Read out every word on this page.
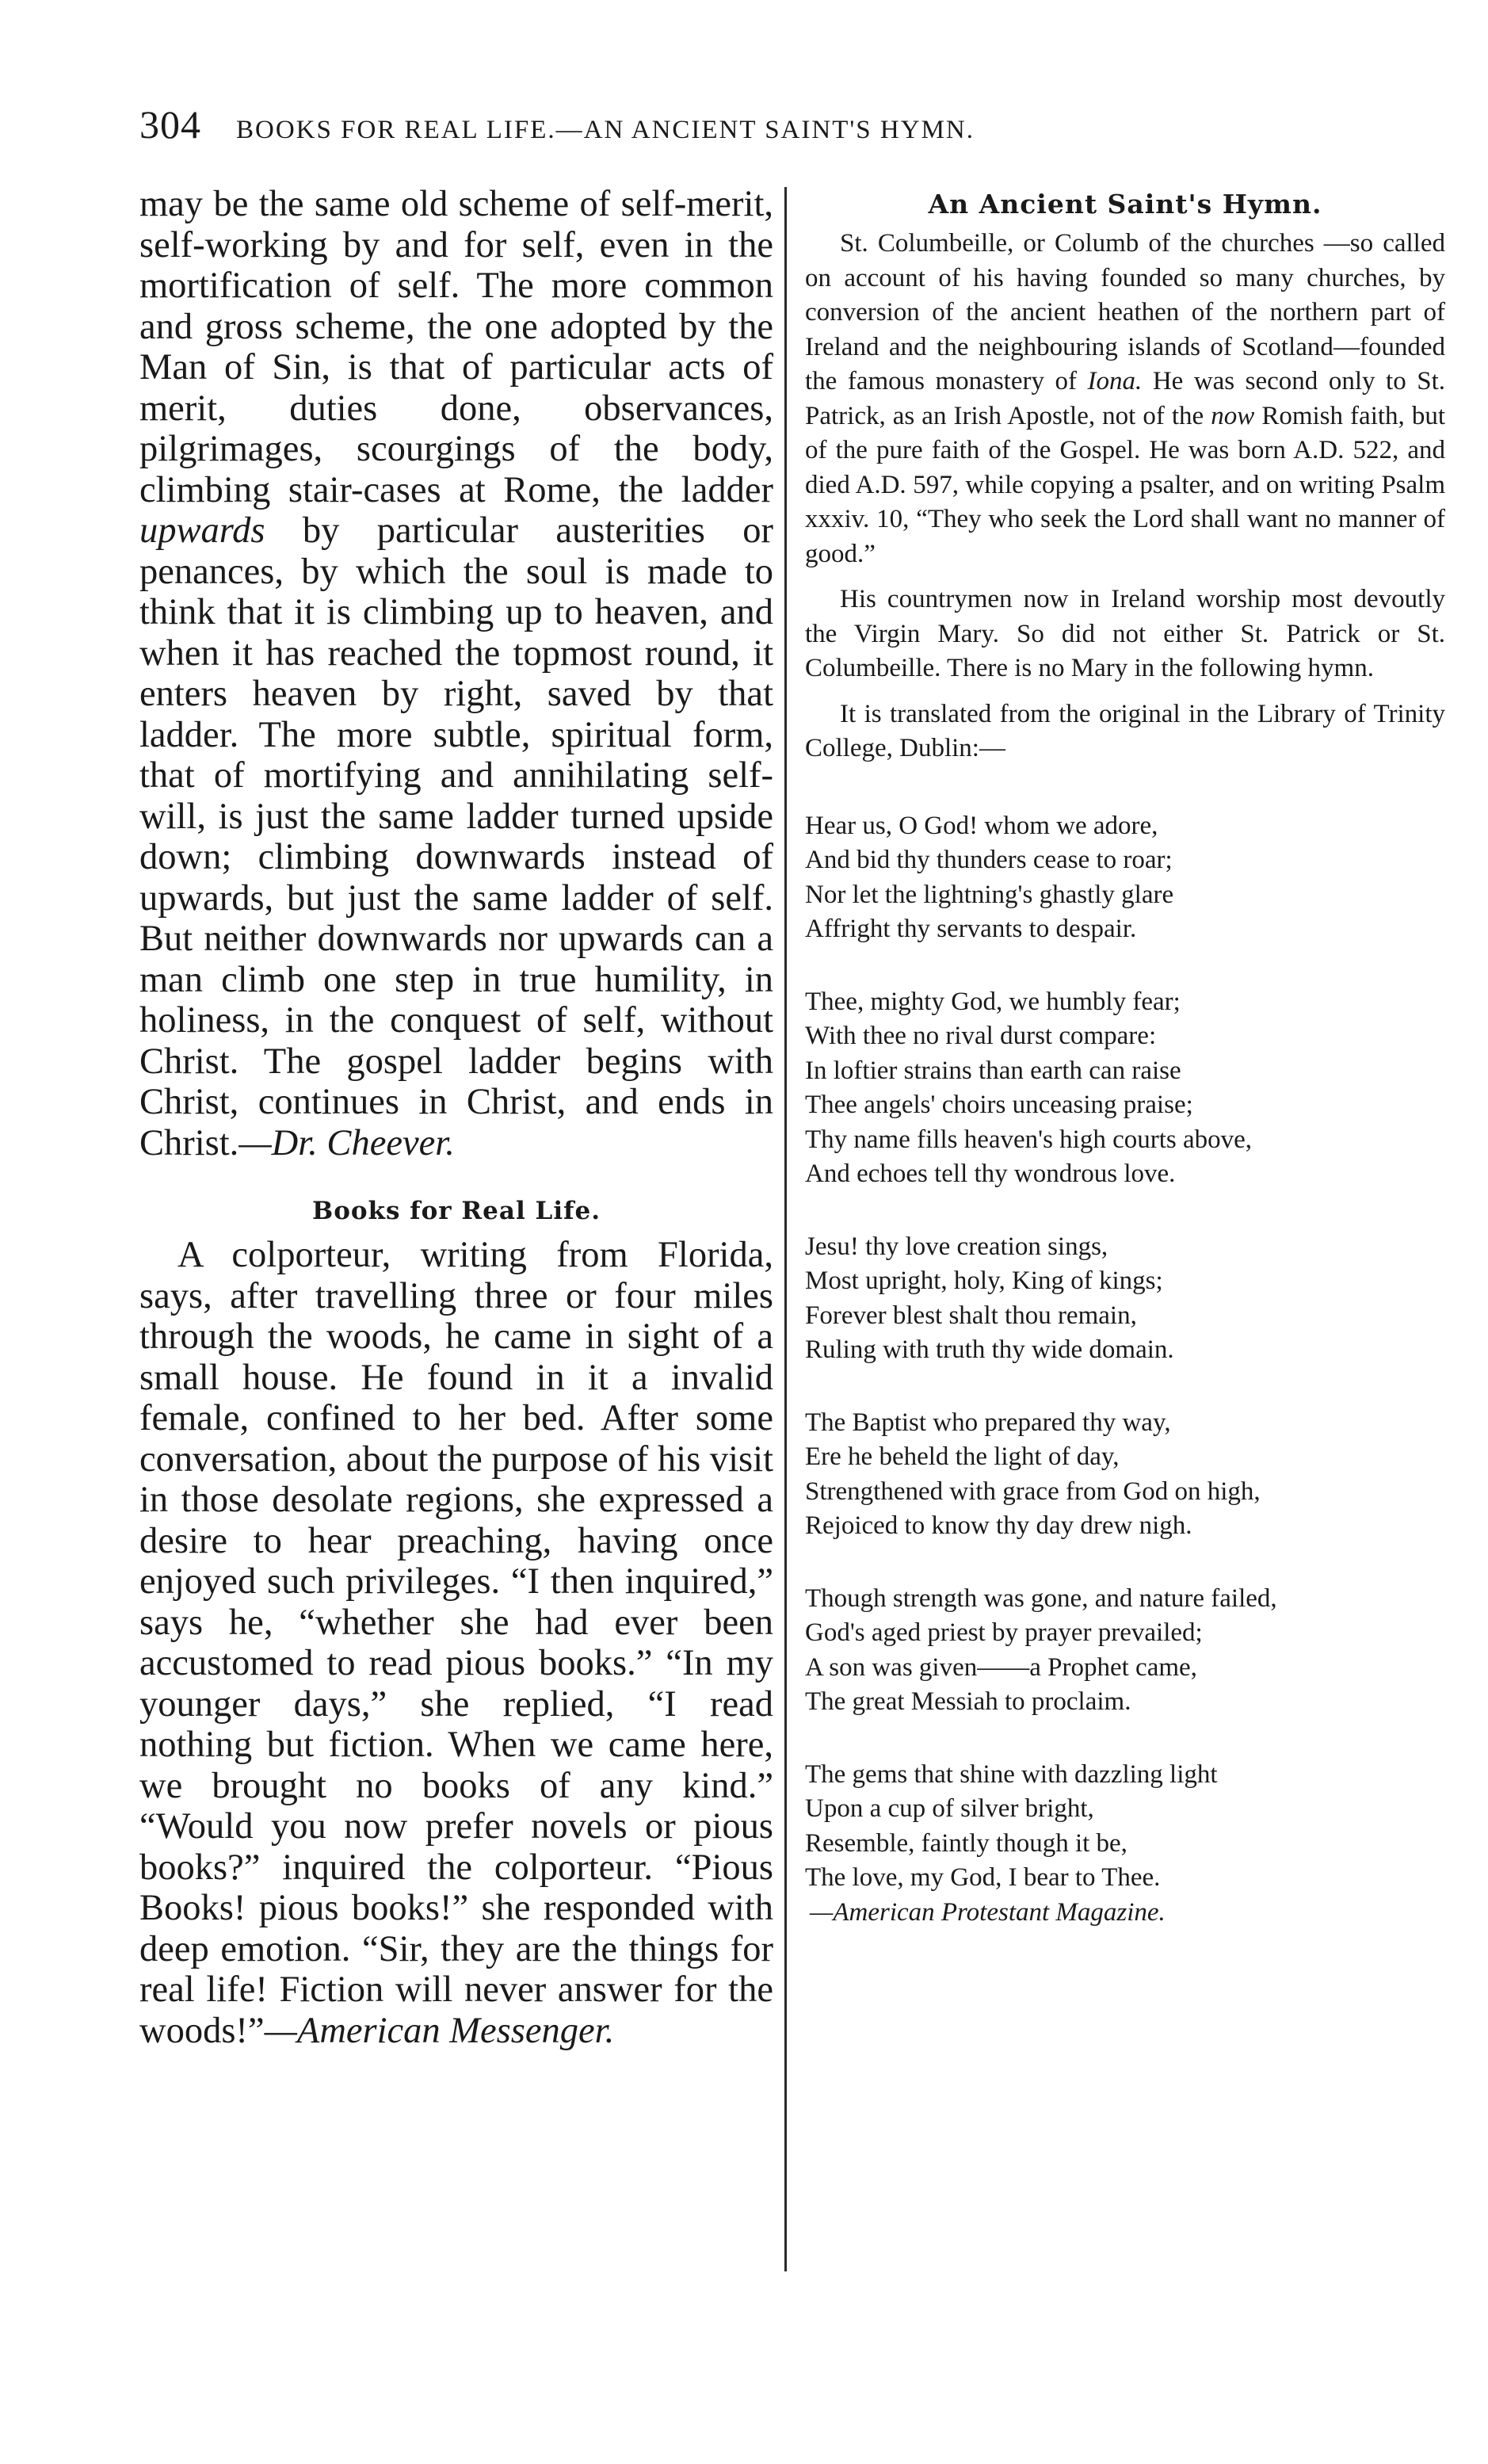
304 BOOKS FOR REAL LIFE.—AN ANCIENT SAINT'S HYMN.

may be the same old scheme of self-merit, self-working by and for self, even in the mortification of self. The more common and gross scheme, the one adopted by the Man of Sin, is that of particular acts of merit, duties done, observances, pilgrimages, scourgings of the body, climbing stair-cases at Rome, the ladder upwards by particular austerities or penances, by which the soul is made to think that it is climbing up to heaven, and when it has reached the topmost round, it enters heaven by right, saved by that ladder. The more subtle, spiritual form, that of mortifying and annihilating self-will, is just the same ladder turned upside down; climbing downwards instead of upwards, but just the same ladder of self. But neither downwards nor upwards can a man climb one step in true humility, in holiness, in the conquest of self, without Christ. The gospel ladder begins with Christ, continues in Christ, and ends in Christ.—Dr. Cheever.

Books for Real Life.

A colporteur, writing from Florida, says, after travelling three or four miles through the woods, he came in sight of a small house. He found in it a invalid female, confined to her bed. After some conversation, about the purpose of his visit in those desolate regions, she expressed a desire to hear preaching, having once enjoyed such privileges. “I then inquired,” says he, “whether she had ever been accustomed to read pious books.” “In my younger days,” she replied, “I read nothing but fiction. When we came here, we brought no books of any kind.” “Would you now prefer novels or pious books?” inquired the colporteur. “Pious Books! pious books!” she responded with deep emotion. “Sir, they are the things for real life! Fiction will never answer for the woods!”—American Messenger.

An Ancient Saint's Hymn.

St. Columbeille, or Columb of the churches —so called on account of his having founded so many churches, by conversion of the ancient heathen of the northern part of Ireland and the neighbouring islands of Scotland—founded the famous monastery of Iona. He was second only to St. Patrick, as an Irish Apostle, not of the now Romish faith, but of the pure faith of the Gospel. He was born A.D. 522, and died A.D. 597, while copying a psalter, and on writing Psalm xxxiv. 10, “They who seek the Lord shall want no manner of good.”

His countrymen now in Ireland worship most devoutly the Virgin Mary. So did not either St. Patrick or St. Columbeille. There is no Mary in the following hymn.

It is translated from the original in the Library of Trinity College, Dublin:—

Hear us, O God! whom we adore,
And bid thy thunders cease to roar;
Nor let the lightning's ghastly glare
Affright thy servants to despair.
Thee, mighty God, we humbly fear;
With thee no rival durst compare:
In loftier strains than earth can raise
Thee angels' choirs unceasing praise;
Thy name fills heaven's high courts above,
And echoes tell thy wondrous love.
Jesu! thy love creation sings,
Most upright, holy, King of kings;
Forever blest shalt thou remain,
Ruling with truth thy wide domain.
The Baptist who prepared thy way,
Ere he beheld the light of day,
Strengthened with grace from God on high,
Rejoiced to know thy day drew nigh.
Though strength was gone, and nature failed,
God's aged priest by prayer prevailed;
A son was given——a Prophet came,
The great Messiah to proclaim.
The gems that shine with dazzling light
Upon a cup of silver bright,
Resemble, faintly though it be,
The love, my God, I bear to Thee.
—American Protestant Magazine.
